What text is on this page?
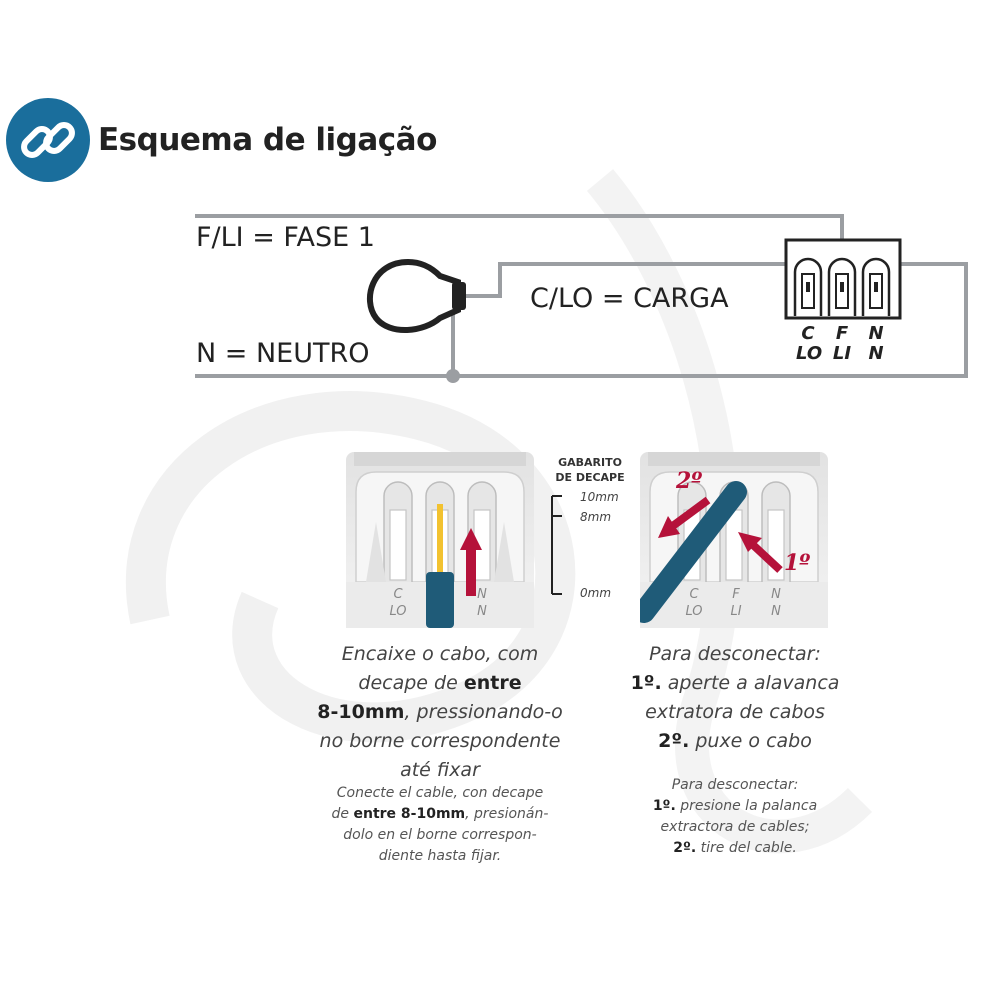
Esquema de ligação
F/LI = FASE 1
C/LO = CARGA
N = NEUTRO
C
LO
F
LI
N
N
C
LO
N
N
GABARITO
DE DECAPE
10mm
8mm
0mm
2º
1º
C
LO
F
LI
N
N
Encaixe o cabo, com
decape de entre
8-10mm, pressionando-o
no borne correspondente
até fixar
Conecte el cable, con decape
de entre 8-10mm, presionán-
dolo en el borne correspon-
diente hasta fijar.
Para desconectar:
1º. aperte a alavanca
extratora de cabos
2º. puxe o cabo
Para desconectar:
1º. presione la palanca
extractora de cables;
2º. tire del cable.
